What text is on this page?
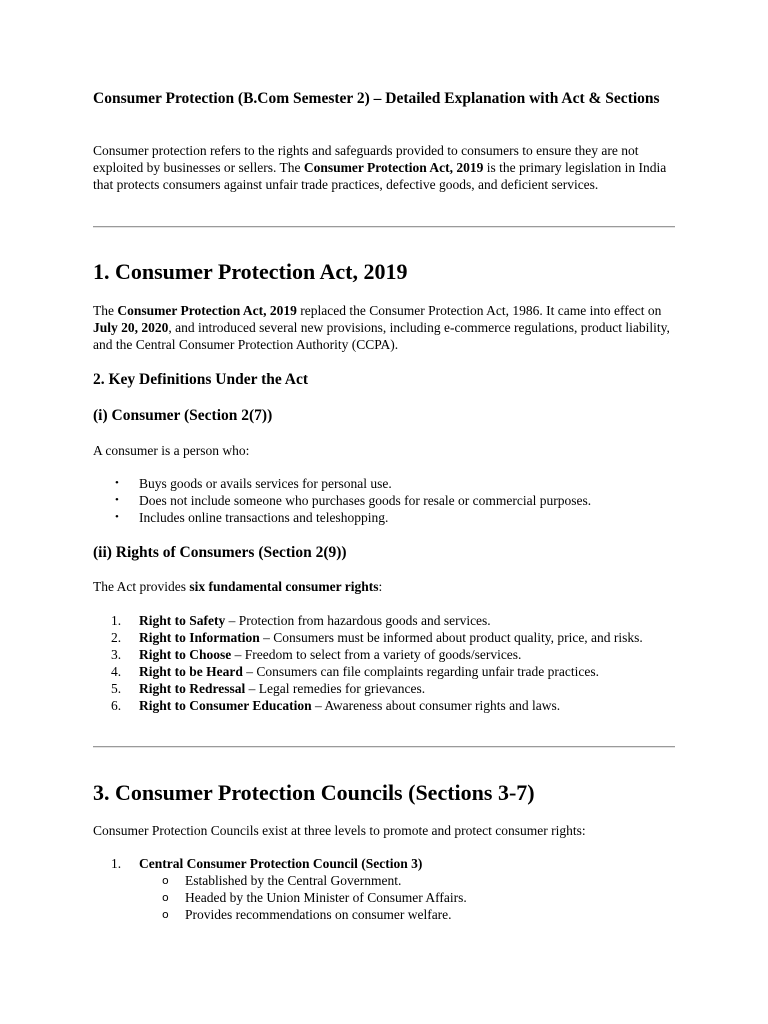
Consumer Protection (B.Com Semester 2) – Detailed Explanation with Act & Sections

Consumer protection refers to the rights and safeguards provided to consumers to ensure they are not exploited by businesses or sellers. The Consumer Protection Act, 2019 is the primary legislation in India that protects consumers against unfair trade practices, defective goods, and deficient services.

1. Consumer Protection Act, 2019

The Consumer Protection Act, 2019 replaced the Consumer Protection Act, 1986. It came into effect on July 20, 2020, and introduced several new provisions, including e-commerce regulations, product liability, and the Central Consumer Protection Authority (CCPA).

2. Key Definitions Under the Act
(i) Consumer (Section 2(7))

A consumer is a person who:

• Buys goods or avails services for personal use.
• Does not include someone who purchases goods for resale or commercial purposes.
• Includes online transactions and teleshopping.
(ii) Rights of Consumers (Section 2(9))

The Act provides six fundamental consumer rights:

1.	Right to Safety – Protection from hazardous goods and services.
2.	Right to Information – Consumers must be informed about product quality, price, and risks.
3.	Right to Choose – Freedom to select from a variety of goods/services.
4.	Right to be Heard – Consumers can file complaints regarding unfair trade practices.
5.	Right to Redressal – Legal remedies for grievances.
6.	Right to Consumer Education – Awareness about consumer rights and laws.
3. Consumer Protection Councils (Sections 3-7)

Consumer Protection Councils exist at three levels to promote and protect consumer rights:

1.	Central Consumer Protection Council (Section 3)
o Established by the Central Government.
o Headed by the Union Minister of Consumer Affairs.
o Provides recommendations on consumer welfare.
